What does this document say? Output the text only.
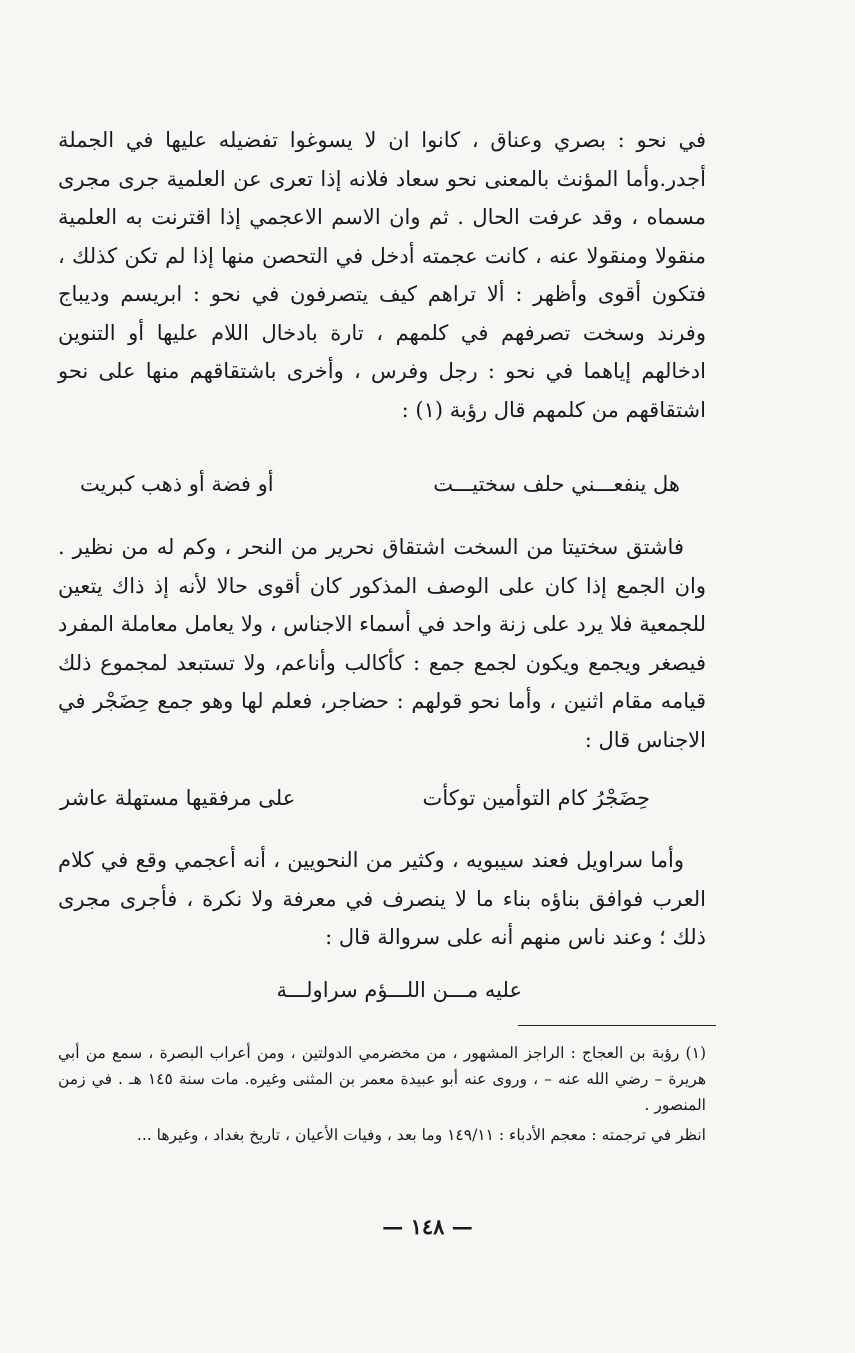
في نحو : بصري وعناق ، كانوا ان لا يسوغوا تفضيله عليها في الجملة أجدر.وأما المؤنث بالمعنى نحو سعاد فلانه إذا تعرى عن العلمية جرى مجرى مسماه ، وقد عرفت الحال . ثم وان الاسم الاعجمي إذا اقترنت به العلمية منقولا ومنقولا عنه ، كانت عجمته أدخل في التحصن منها إذا لم تكن كذلك ، فتكون أقوى وأظهر : ألا تراهم كيف يتصرفون في نحو : ابريسم وديباج وفرند وسخت تصرفهم في كلمهم ، تارة بادخال اللام عليها أو التنوين ادخالهم إياهما في نحو : رجل وفرس ، وأخرى باشتقاقهم منها على نحو اشتقاقهم من كلمهم قال رؤبة (١) :

هل ينفعـــني حلف سختيـــت
أو فضة أو ذهب كبريت

فاشتق سختيتا من السخت اشتقاق نحرير من النحر ، وكم له من نظير . وان الجمع إذا كان على الوصف المذكور كان أقوى حالا لأنه إذ ذاك يتعين للجمعية فلا يرد على زنة واحد في أسماء الاجناس ، ولا يعامل معاملة المفرد فيصغر ويجمع ويكون لجمع جمع : كأكالب وأناعم، ولا تستبعد لمجموع ذلك قيامه مقام اثنين ، وأما نحو قولهم : حضاجر، فعلم لها وهو جمع حِضَجْر في الاجناس قال :

حِضَجْرُ كام التوأمين توكأت
على مرفقيها مستهلة عاشر

وأما سراويل فعند سيبويه ، وكثير من النحويين ، أنه أعجمي وقع في كلام العرب فوافق بناؤه بناء ما لا ينصرف في معرفة ولا نكرة ، فأجرى مجرى ذلك ؛ وعند ناس منهم أنه على سروالة قال :

عليه مـــن اللـــؤم سراولـــة
(١) رؤبة بن العجاج : الراجز المشهور ، من مخضرمي الدولتين ، ومن أعراب البصرة ، سمع من أبي هريرة – رضي الله عنه – ، وروى عنه أبو عبيدة معمر بن المثنى وغيره. مات سنة ١٤٥ هـ . في زمن المنصور .
انظر في ترجمته : معجم الأدباء : ١٤٩/١١ وما بعد ، وفيات الأعيان ، تاريخ بغداد ، وغيرها ...
— ١٤٨ —
